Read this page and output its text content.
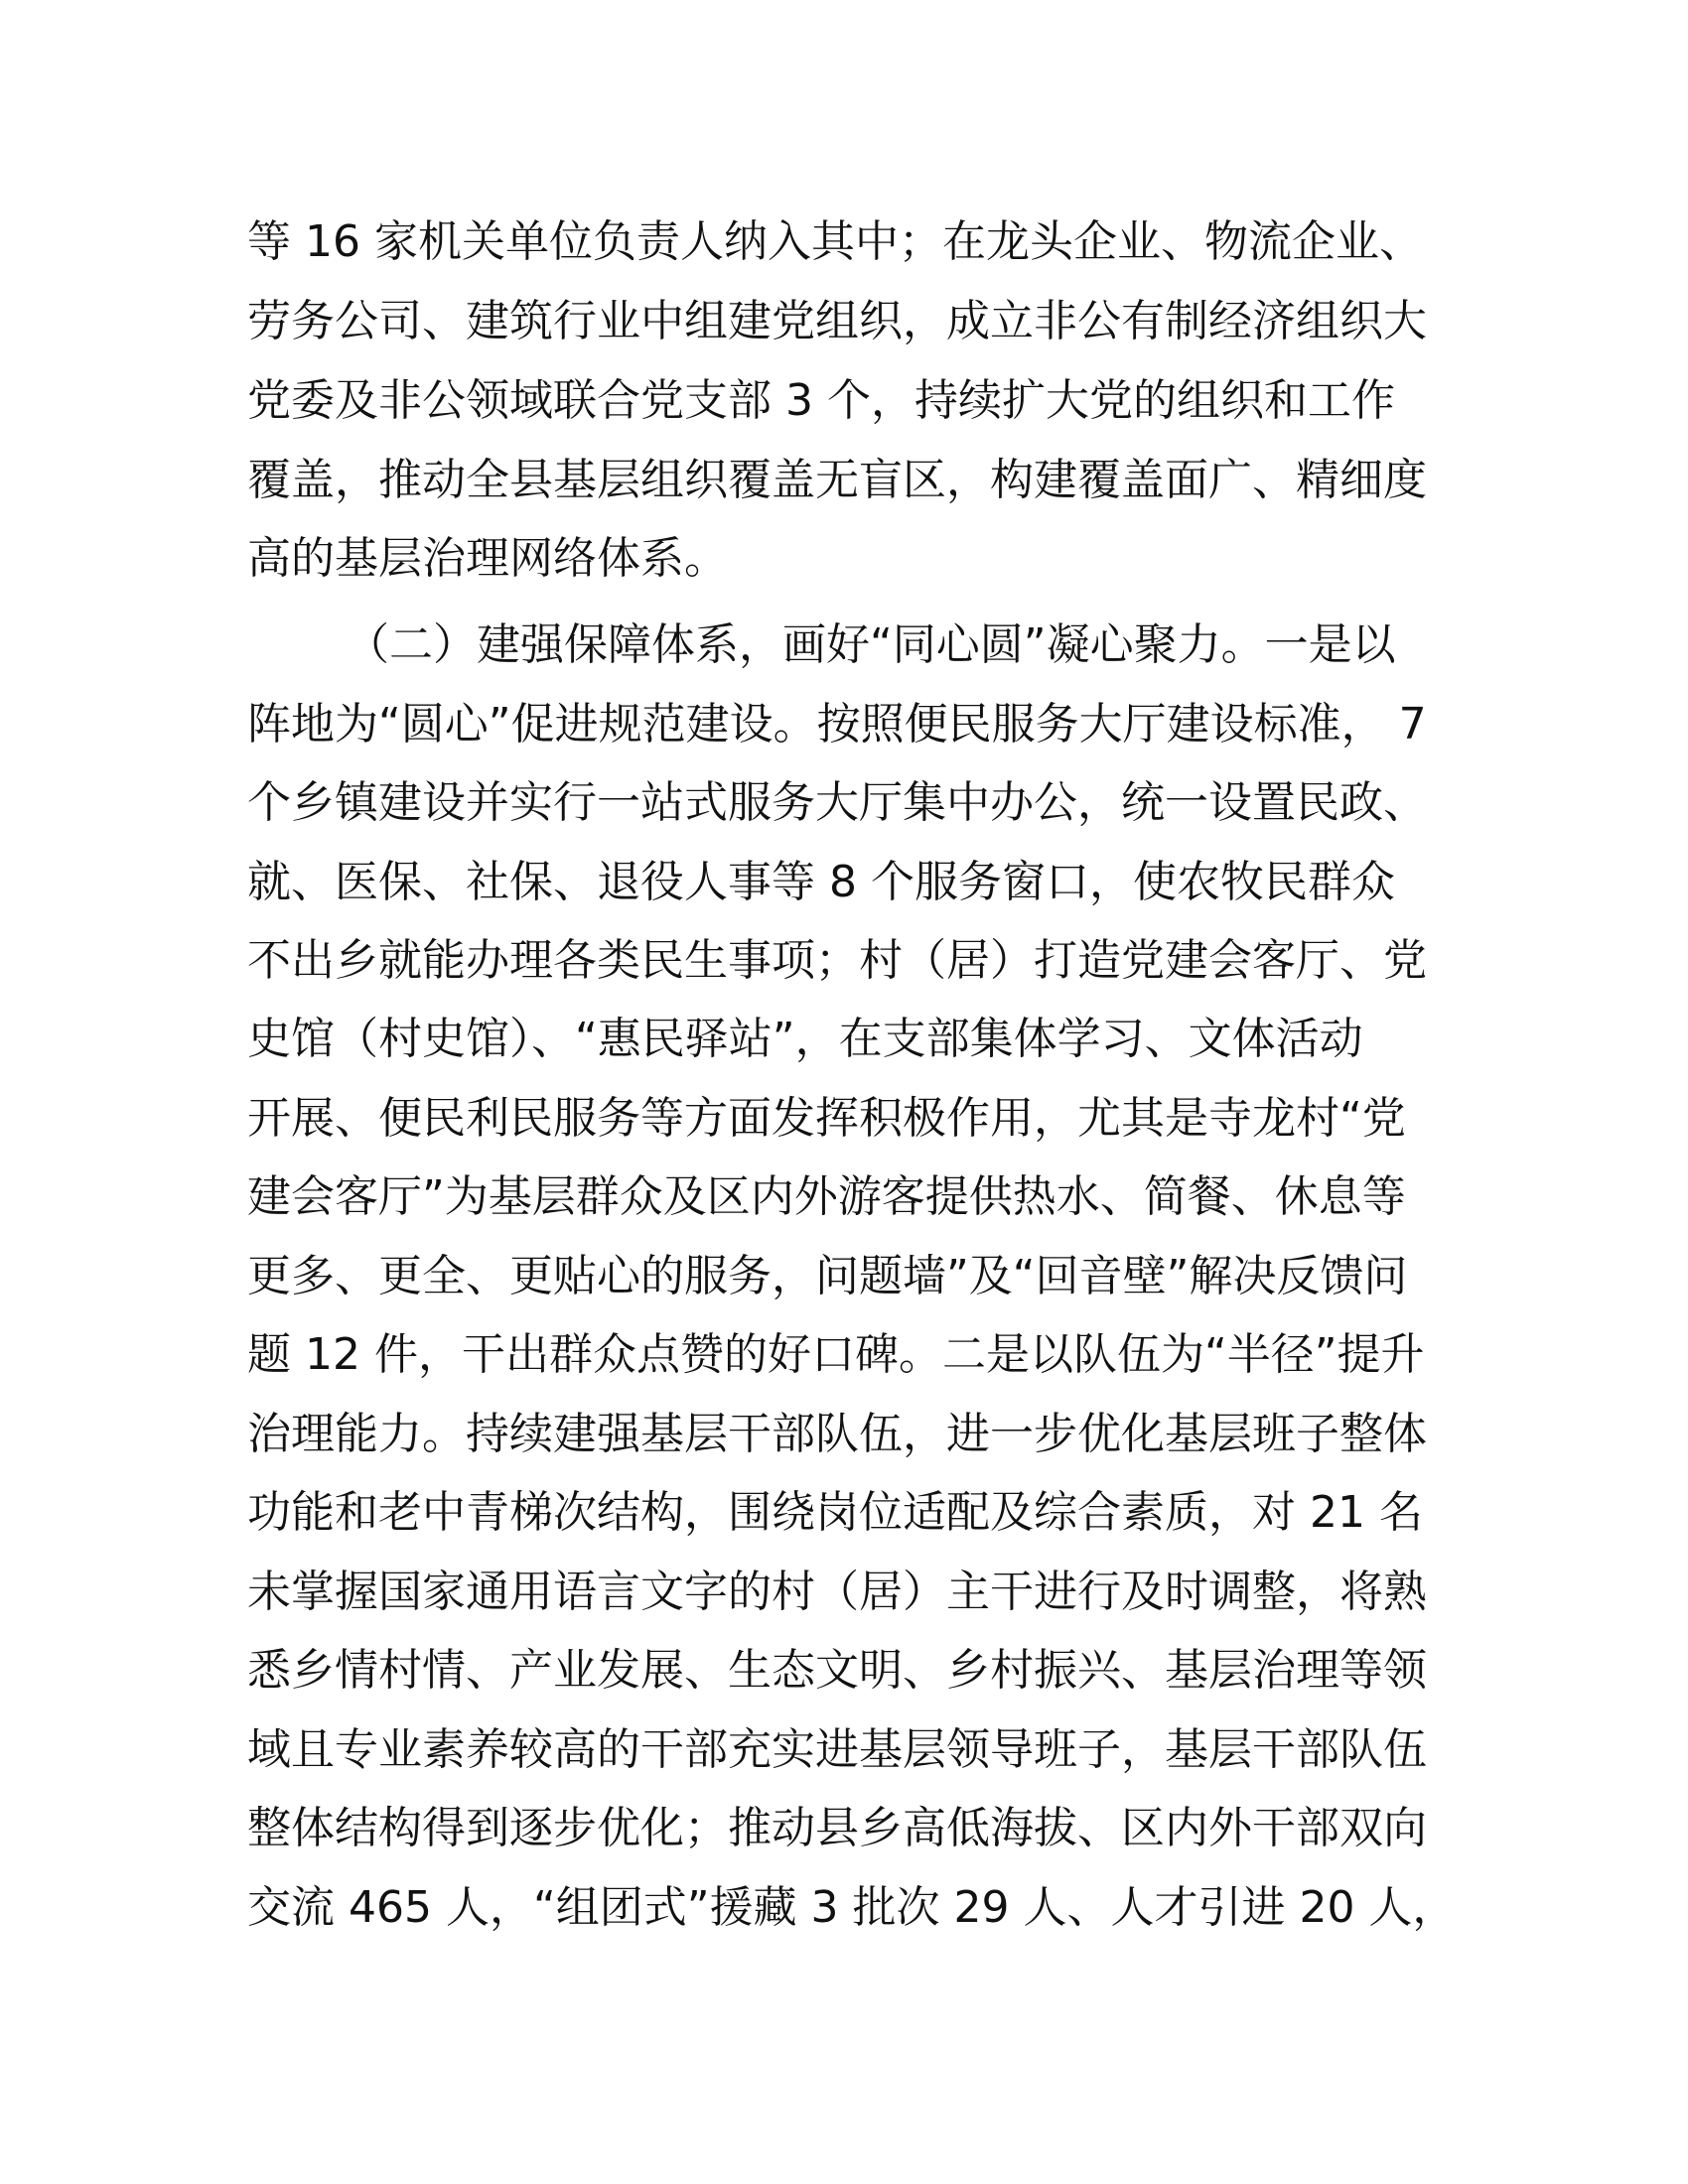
等 16 家机关单位负责人纳入其中；在龙头企业、物流企业、
劳务公司、建筑行业中组建党组织，成立非公有制经济组织大
党委及非公领域联合党支部 3 个，持续扩大党的组织和工作
覆盖，推动全县基层组织覆盖无盲区，构建覆盖面广、精细度
高的基层治理网络体系。
（二）建强保障体系，画好“同心圆”凝心聚力。一是以
阵地为“圆心”促进规范建设。按照便民服务大厅建设标准， 7
个乡镇建设并实行一站式服务大厅集中办公，统一设置民政、
就、医保、社保、退役人事等 8 个服务窗口，使农牧民群众
不出乡就能办理各类民生事项；村（居）打造党建会客厅、党
史馆（村史馆）、“惠民驿站”，在支部集体学习、文体活动
开展、便民利民服务等方面发挥积极作用，尤其是寺龙村“党
建会客厅”为基层群众及区内外游客提供热水、简餐、休息等
更多、更全、更贴心的服务，问题墙”及“回音壁”解决反馈问
题 12 件，干出群众点赞的好口碑。二是以队伍为“半径”提升
治理能力。持续建强基层干部队伍，进一步优化基层班子整体
功能和老中青梯次结构，围绕岗位适配及综合素质，对 21 名
未掌握国家通用语言文字的村（居）主干进行及时调整，将熟
悉乡情村情、产业发展、生态文明、乡村振兴、基层治理等领
域且专业素养较高的干部充实进基层领导班子，基层干部队伍
整体结构得到逐步优化；推动县乡高低海拔、区内外干部双向
交流 465 人，“组团式”援藏 3 批次 29 人、人才引进 20 人，
